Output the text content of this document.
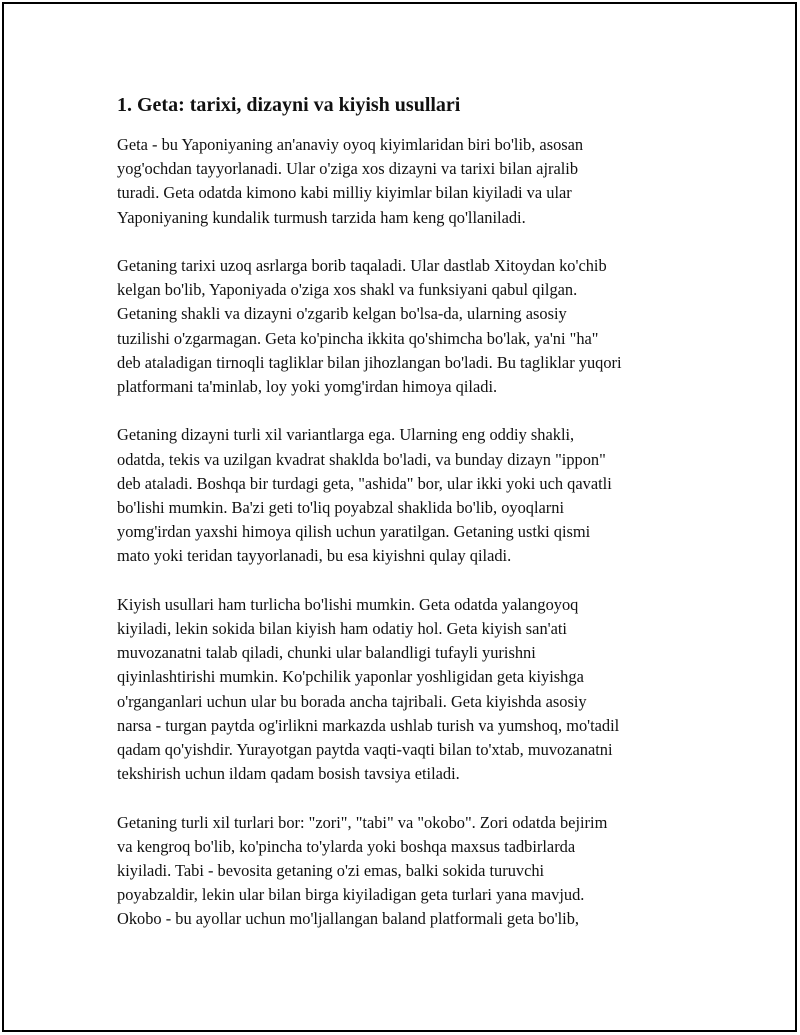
1. Geta: tarixi, dizayni va kiyish usullari

Geta - bu Yaponiyaning an'anaviy oyoq kiyimlaridan biri bo'lib, asosan
yog'ochdan tayyorlanadi. Ular o'ziga xos dizayni va tarixi bilan ajralib
turadi. Geta odatda kimono kabi milliy kiyimlar bilan kiyiladi va ular
Yaponiyaning kundalik turmush tarzida ham keng qo'llaniladi.

Getaning tarixi uzoq asrlarga borib taqaladi. Ular dastlab Xitoydan ko'chib
kelgan bo'lib, Yaponiyada o'ziga xos shakl va funksiyani qabul qilgan.
Getaning shakli va dizayni o'zgarib kelgan bo'lsa-da, ularning asosiy
tuzilishi o'zgarmagan. Geta ko'pincha ikkita qo'shimcha bo'lak, ya'ni "ha"
deb ataladigan tirnoqli tagliklar bilan jihozlangan bo'ladi. Bu tagliklar yuqori
platformani ta'minlab, loy yoki yomg'irdan himoya qiladi.

Getaning dizayni turli xil variantlarga ega. Ularning eng oddiy shakli,
odatda, tekis va uzilgan kvadrat shaklda bo'ladi, va bunday dizayn "ippon"
deb ataladi. Boshqa bir turdagi geta, "ashida" bor, ular ikki yoki uch qavatli
bo'lishi mumkin. Ba'zi geti to'liq poyabzal shaklida bo'lib, oyoqlarni
yomg'irdan yaxshi himoya qilish uchun yaratilgan. Getaning ustki qismi
mato yoki teridan tayyorlanadi, bu esa kiyishni qulay qiladi.

Kiyish usullari ham turlicha bo'lishi mumkin. Geta odatda yalangoyoq
kiyiladi, lekin sokida bilan kiyish ham odatiy hol. Geta kiyish san'ati
muvozanatni talab qiladi, chunki ular balandligi tufayli yurishni
qiyinlashtirishi mumkin. Ko'pchilik yaponlar yoshligidan geta kiyishga
o'rganganlari uchun ular bu borada ancha tajribali. Geta kiyishda asosiy
narsa - turgan paytda og'irlikni markazda ushlab turish va yumshoq, mo'tadil
qadam qo'yishdir. Yurayotgan paytda vaqti-vaqti bilan to'xtab, muvozanatni
tekshirish uchun ildam qadam bosish tavsiya etiladi.

Getaning turli xil turlari bor: "zori", "tabi" va "okobo". Zori odatda bejirim
va kengroq bo'lib, ko'pincha to'ylarda yoki boshqa maxsus tadbirlarda
kiyiladi. Tabi - bevosita getaning o'zi emas, balki sokida turuvchi
poyabzaldir, lekin ular bilan birga kiyiladigan geta turlari yana mavjud.
Okobo - bu ayollar uchun mo'ljallangan baland platformali geta bo'lib,
